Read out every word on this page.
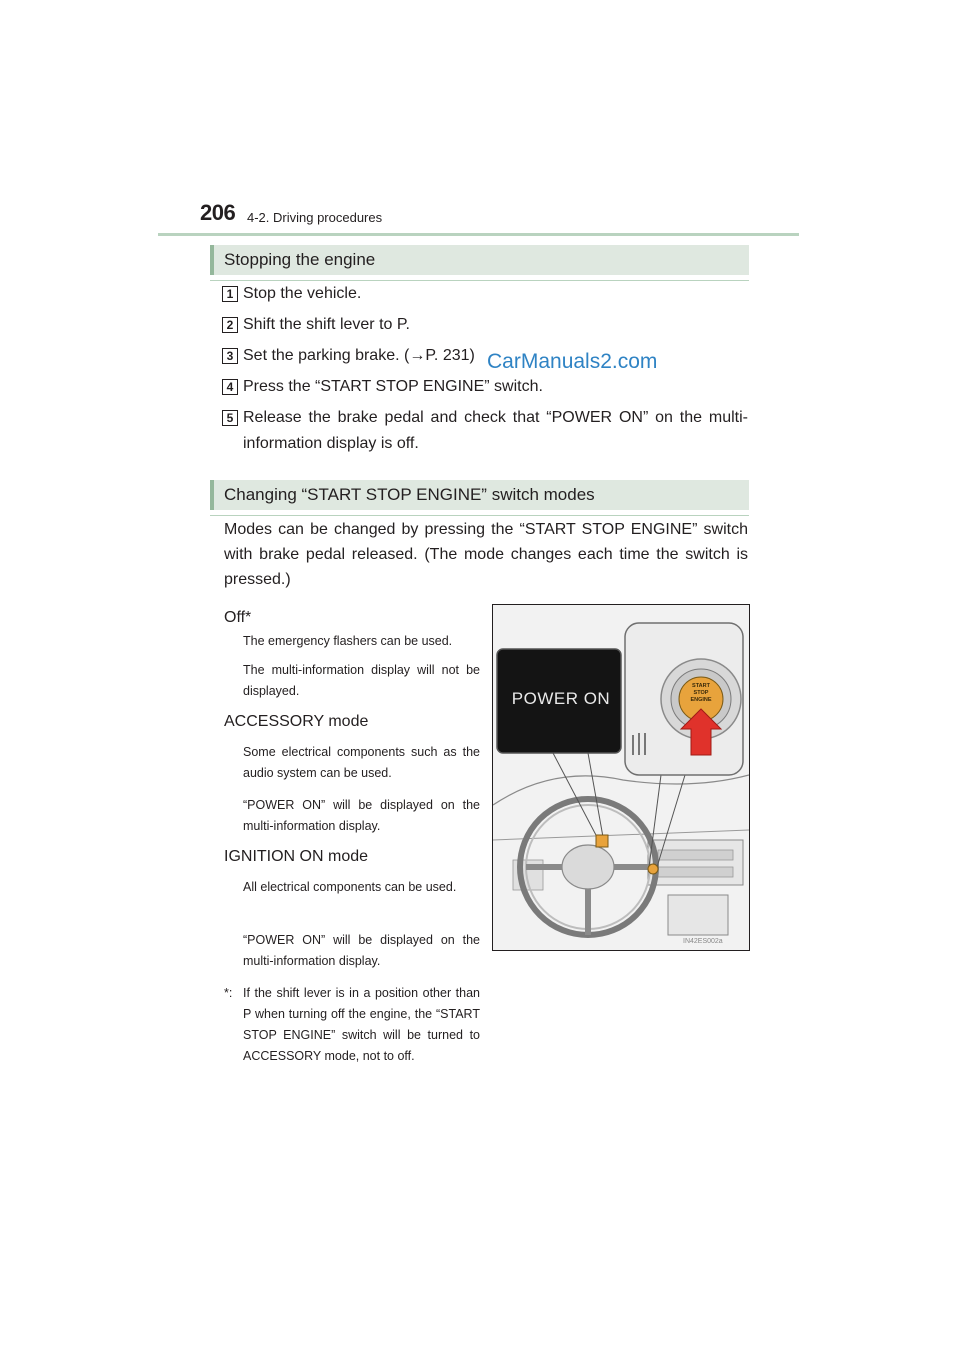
206 4-2. Driving procedures
Stopping the engine
1 Stop the vehicle.
2 Shift the shift lever to P.
3 Set the parking brake. (→P. 231)
4 Press the “START STOP ENGINE” switch.
5 Release the brake pedal and check that “POWER ON” on the multi-information display is off.
CarManuals2.com
Changing “START STOP ENGINE” switch modes
Modes can be changed by pressing the “START STOP ENGINE” switch with brake pedal released. (The mode changes each time the switch is pressed.)
Off*
The emergency flashers can be used.
The multi-information display will not be displayed.
ACCESSORY mode
Some electrical components such as the audio system can be used.
“POWER ON” will be displayed on the multi-information display.
IGNITION ON mode
All electrical components can be used.
“POWER ON” will be displayed on the multi-information display.
*: If the shift lever is in a position other than P when turning off the engine, the “START STOP ENGINE” switch will be turned to ACCESSORY mode, not to off.
POWER ON
START
STOP
ENGINE
IN42ES002a
